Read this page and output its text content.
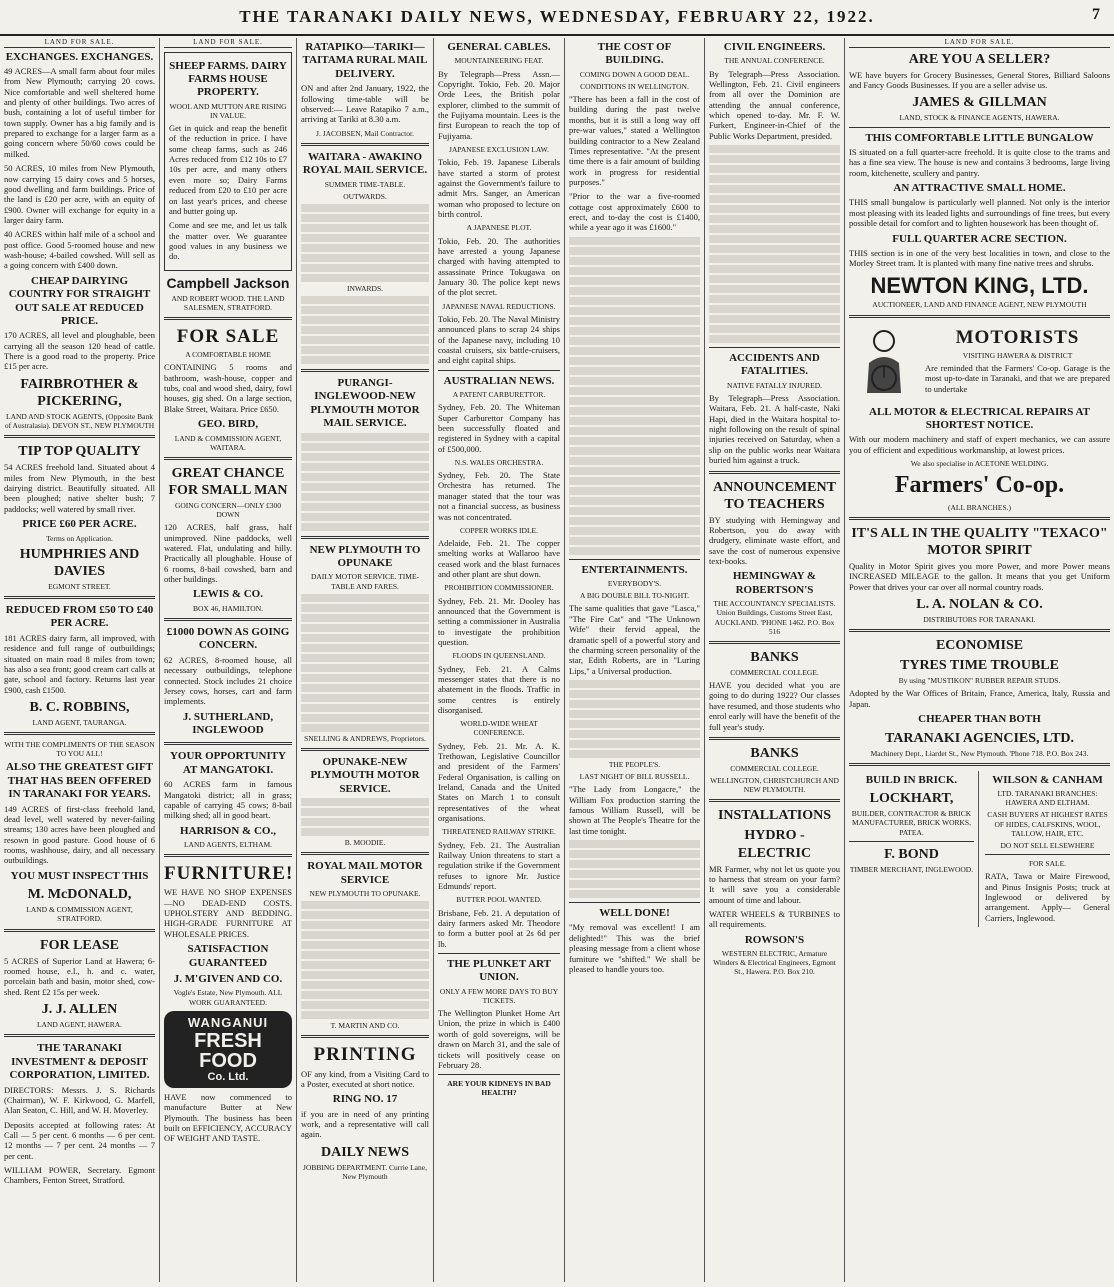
THE TARANAKI DAILY NEWS, WEDNESDAY, FEBRUARY 22, 1922.	7
LAND FOR SALE.
EXCHANGES. EXCHANGES.
49 ACRES—A small farm about four miles from New Plymouth; carrying 20 cows. Nice comfortable and well sheltered home and plenty of other buildings. Two acres of bush, containing a lot of useful timber for town supply. Owner has a big family and is prepared to exchange for a larger farm as a going concern where 50/60 cows could be milked.
50 ACRES, 10 miles from New Plymouth, now carrying 15 dairy cows and 5 horses, good dwelling and farm buildings. Price of the land is £20 per acre, with an equity of £900. Owner will exchange for equity in a larger dairy farm.
40 ACRES within half mile of a school and post office. Good 5-roomed house and new wash-house; 4-bailed cowshed. Will sell as a going concern with £400 down.
CHEAP DAIRYING COUNTRY FOR STRAIGHT OUT SALE AT REDUCED PRICE.
170 ACRES, all level and ploughable, been carrying all the season 120 head of cattle. There is a good road to the property. Price £15 per acre.
FAIRBROTHER & PICKERING,
LAND AND STOCK AGENTS, (Opposite Bank of Australasia). DEVON ST., NEW PLYMOUTH
TIP TOP QUALITY
54 ACRES freehold land. Situated about 4 miles from New Plymouth, in the best dairying district. Beautifully situated. All been ploughed; native shelter bush; 7 paddocks; well watered by small river.
PRICE £60 PER ACRE.
Terms on Application.
HUMPHRIES AND DAVIES
EGMONT STREET.
REDUCED FROM £50 TO £40 PER ACRE.
181 ACRES dairy farm, all improved, with residence and full range of outbuildings; situated on main road 8 miles from town; has also a sea front; good cream cart calls at gate, school and factory. Returns last year £900, cash £1500.
B. C. ROBBINS,
LAND AGENT, TAURANGA.
WITH THE COMPLIMENTS OF THE SEASON TO YOU ALL!
ALSO THE GREATEST GIFT THAT HAS BEEN OFFERED IN TARANAKI FOR YEARS.
149 ACRES of first-class freehold land, dead level, well watered by never-failing streams; 130 acres have been ploughed and resown in good pasture. Good house of 6 rooms, washhouse, dairy, and all necessary outbuildings.
YOU MUST INSPECT THIS
M. McDONALD,
LAND & COMMISSION AGENT, STRATFORD.
FOR LEASE
5 ACRES of Superior Land at Hawera; 6-roomed house, e.l., h. and c. water, porcelain bath and basin, motor shed, cow-shed. Rent £2 15s per week.
J. J. ALLEN
LAND AGENT, HAWERA.
THE TARANAKI INVESTMENT & DEPOSIT CORPORATION, LIMITED.
DIRECTORS: Messrs. J. S. Richards (Chairman), W. F. Kirkwood, G. Marfell, Alan Seaton, C. Hill, and W. H. Moverley.
Deposits accepted at following rates: At Call — 5 per cent. 6 months — 6 per cent. 12 months — 7 per cent. 24 months — 7 per cent.
WILLIAM POWER, Secretary. Egmont Chambers, Fenton Street, Stratford.
LAND FOR SALE.
SHEEP FARMS. DAIRY FARMS HOUSE PROPERTY.
WOOL AND MUTTON ARE RISING IN VALUE.
Get in quick and reap the benefit of the reduction in price. I have some cheap farms, such as 246 Acres reduced from £12 10s to £7 10s per acre, and many others even more so; Dairy Farms reduced from £20 to £10 per acre on last year's prices, and cheese and butter going up.
Come and see me, and let us talk the matter over. We guarantee good values in any business we do.
Campbell Jackson
AND ROBERT WOOD. THE LAND SALESMEN, STRATFORD.
FOR SALE
A COMFORTABLE HOME
CONTAINING 5 rooms and bathroom, wash-house, copper and tubs, coal and wood shed, dairy, fowl houses, gig shed. On a large section, Blake Street, Waitara. Price £650.
GEO. BIRD,
LAND & COMMISSION AGENT, WAITARA.
GREAT CHANCE FOR SMALL MAN
GOING CONCERN—ONLY £300 DOWN
120 ACRES, half grass, half unimproved. Nine paddocks, well watered. Flat, undulating and hilly. Practically all ploughable. House of 6 rooms, 8-bail cowshed, barn and other buildings.
LEWIS & CO.
BOX 46, HAMILTON.
£1000 DOWN AS GOING CONCERN.
62 ACRES, 8-roomed house, all necessary outbuildings, telephone connected. Stock includes 21 choice Jersey cows, horses, cart and farm implements.
J. SUTHERLAND, INGLEWOOD
YOUR OPPORTUNITY AT MANGATOKI.
60 ACRES farm in famous Mangatoki district; all in grass; capable of carrying 45 cows; 8-bail milking shed; all in good heart.
HARRISON & CO.,
LAND AGENTS, ELTHAM.
FURNITURE!
WE HAVE NO SHOP EXPENSES—NO DEAD-END COSTS. UPHOLSTERY AND BEDDING. HIGH-GRADE FURNITURE AT WHOLESALE PRICES.
SATISFACTION GUARANTEED
J. M'GIVEN AND CO.
Vogle's Estate, New Plymouth. ALL WORK GUARANTEED.
WANGANUI
FRESH FOOD
Co. Ltd.
HAVE now commenced to manufacture Butter at New Plymouth. The business has been built on EFFICIENCY, ACCURACY OF WEIGHT AND TASTE.
RATAPIKO—TARIKI—TAITAMA RURAL MAIL DELIVERY.
ON and after 2nd January, 1922, the following time-table will be observed:— Leave Ratapiko 7 a.m., arriving at Tariki at 8.30 a.m.
J. JACOBSEN, Mail Contractor.
WAITARA - AWAKINO ROYAL MAIL SERVICE.
SUMMER TIME-TABLE.
OUTWARDS.
INWARDS.
PURANGI-INGLEWOOD-NEW PLYMOUTH MOTOR MAIL SERVICE.
NEW PLYMOUTH TO OPUNAKE
DAILY MOTOR SERVICE. TIME-TABLE AND FARES.
SNELLING & ANDREWS, Proprietors.
OPUNAKE-NEW PLYMOUTH MOTOR SERVICE.
B. MOODIE.
ROYAL MAIL MOTOR SERVICE
NEW PLYMOUTH TO OPUNAKE.
T. MARTIN AND CO.
PRINTING
OF any kind, from a Visiting Card to a Poster, executed at short notice.
RING NO. 17
if you are in need of any printing work, and a representative will call again.
DAILY NEWS
JOBBING DEPARTMENT. Currie Lane, New Plymouth
GENERAL CABLES.
MOUNTAINEERING FEAT.
By Telegraph—Press Assn.—Copyright. Tokio, Feb. 20. Major Orde Lees, the British polar explorer, climbed to the summit of the Fujiyama mountain. Lees is the first European to reach the top of Fujiyama.
JAPANESE EXCLUSION LAW.
Tokio, Feb. 19. Japanese Liberals have started a storm of protest against the Government's failure to admit Mrs. Sanger, an American woman who proposed to lecture on birth control.
A JAPANESE PLOT.
Tokio, Feb. 20. The authorities have arrested a young Japanese charged with having attempted to assassinate Prince Tokugawa on January 30. The police kept news of the plot secret.
JAPANESE NAVAL REDUCTIONS.
Tokio, Feb. 20. The Naval Ministry announced plans to scrap 24 ships of the Japanese navy, including 10 coastal cruisers, six battle-cruisers, and eight capital ships.
AUSTRALIAN NEWS.
A PATENT CARBURETTOR.
Sydney, Feb. 20. The Whiteman Super Carburettor Company has been successfully floated and registered in Sydney with a capital of £500,000.
N.S. WALES ORCHESTRA.
Sydney, Feb. 20. The State Orchestra has returned. The manager stated that the tour was not a financial success, as business was not concentrated.
COPPER WORKS IDLE.
Adelaide, Feb. 21. The copper smelting works at Wallaroo have ceased work and the blast furnaces and other plant are shut down.
PROHIBITION COMMISSIONER.
Sydney, Feb. 21. Mr. Dooley has announced that the Government is setting a commissioner in Australia to investigate the prohibition question.
FLOODS IN QUEENSLAND.
Sydney, Feb. 21. A Calms messenger states that there is no abatement in the floods. Traffic in some centres is entirely disorganised.
WORLD-WIDE WHEAT CONFERENCE.
Sydney, Feb. 21. Mr. A. K. Trethowan, Legislative Councillor and president of the Farmers' Federal Organisation, is calling on Ireland, Canada and the United States on March 1 to consult representatives of the wheat organisations.
THREATENED RAILWAY STRIKE.
Sydney, Feb. 21. The Australian Railway Union threatens to start a regulation strike if the Government refuses to ignore Mr. Justice Edmunds' report.
BUTTER POOL WANTED.
Brisbane, Feb. 21. A deputation of dairy farmers asked Mr. Theodore to form a butter pool at 2s 6d per lb.
THE PLUNKET ART UNION.
ONLY A FEW MORE DAYS TO BUY TICKETS.
The Wellington Plunket Home Art Union, the prize in which is £400 worth of gold sovereigns, will be drawn on March 31, and the sale of tickets will positively cease on February 28.
ARE YOUR KIDNEYS IN BAD HEALTH?
THE COST OF BUILDING.
COMING DOWN A GOOD DEAL.
CONDITIONS IN WELLINGTON.
"There has been a fall in the cost of building during the past twelve months, but it is still a long way off pre-war values," stated a Wellington building contractor to a New Zealand Times representative. "At the present time there is a fair amount of building work in progress for residential purposes."
"Prior to the war a five-roomed cottage cost approximately £600 to erect, and to-day the cost is £1400, while a year ago it was £1600."
ENTERTAINMENTS.
EVERYBODY'S.
A BIG DOUBLE BILL TO-NIGHT.
The same qualities that gave "Lasca," "The Fire Cat" and "The Unknown Wife" their fervid appeal, the dramatic spell of a powerful story and the charming screen personality of the star, Edith Roberts, are in "Luring Lips," a Universal production.
THE PEOPLE'S.
LAST NIGHT OF BILL RUSSELL.
"The Lady from Longacre," the William Fox production starring the famous William Russell, will be shown at The People's Theatre for the last time tonight.
WELL DONE!
"My removal was excellent! I am delighted!" This was the brief pleasing message from a client whose furniture we "shifted." We shall be pleased to handle yours too.
CIVIL ENGINEERS.
THE ANNUAL CONFERENCE.
By Telegraph—Press Association. Wellington, Feb. 21. Civil engineers from all over the Dominion are attending the annual conference, which opened to-day. Mr. F. W. Furkert, Engineer-in-Chief of the Public Works Department, presided.
ACCIDENTS AND FATALITIES.
NATIVE FATALLY INJURED.
By Telegraph—Press Association. Waitara, Feb. 21. A half-caste, Naki Hapi, died in the Waitara hospital to-night following on the result of spinal injuries received on Saturday, when a slip on the public works near Waitara buried him against a truck.
ANNOUNCEMENT TO TEACHERS
BY studying with Hemingway and Robertson, you do away with drudgery, eliminate waste effort, and save the cost of numerous expensive text-books.
HEMINGWAY & ROBERTSON'S
THE ACCOUNTANCY SPECIALISTS. Union Buildings, Customs Street East, AUCKLAND. 'PHONE 1462. P.O. Box 516
BANKS
COMMERCIAL COLLEGE.
HAVE you decided what you are going to do during 1922? Our classes have resumed, and those students who enrol early will have the benefit of the full year's study.
BANKS
COMMERCIAL COLLEGE.
WELLINGTON, CHRISTCHURCH AND NEW PLYMOUTH.
INSTALLATIONS
HYDRO - ELECTRIC
MR Farmer, why not let us quote you to harness that stream on your farm? It will save you a considerable amount of time and labour.
WATER WHEELS & TURBINES to all requirements.
ROWSON'S
WESTERN ELECTRIC, Armature Winders & Electrical Engineers, Egmont St., Hawera. P.O. Box 210.
LAND FOR SALE.
ARE YOU A SELLER?
WE have buyers for Grocery Businesses, General Stores, Billiard Saloons and Fancy Goods Businesses. If you are a seller advise us.
JAMES & GILLMAN
LAND, STOCK & FINANCE AGENTS, HAWERA.
THIS COMFORTABLE LITTLE BUNGALOW
IS situated on a full quarter-acre freehold. It is quite close to the trams and has a fine sea view. The house is new and contains 3 bedrooms, large living room, kitchenette, scullery and pantry.
AN ATTRACTIVE SMALL HOME.
THIS small bungalow is particularly well planned. Not only is the interior most pleasing with its leaded lights and surroundings of fine trees, but every possible detail for comfort and to lighten housework has been thought of.
FULL QUARTER ACRE SECTION.
THIS section is in one of the very best localities in town, and close to the Morley Street tram. It is planted with many fine native trees and shrubs.
NEWTON KING, LTD.
AUCTIONEER, LAND AND FINANCE AGENT, NEW PLYMOUTH
MOTORISTS
VISITING HAWERA & DISTRICT
Are reminded that the Farmers' Co-op. Garage is the most up-to-date in Taranaki, and that we are prepared to undertake
ALL MOTOR & ELECTRICAL REPAIRS AT SHORTEST NOTICE.
With our modern machinery and staff of expert mechanics, we can assure you of efficient and expeditious workmanship, at lowest prices.
We also specialise in ACETONE WELDING.
Farmers' Co-op.
(ALL BRANCHES.)
IT'S ALL IN THE QUALITY "TEXACO" MOTOR SPIRIT
Quality in Motor Spirit gives you more Power, and more Power means INCREASED MILEAGE to the gallon. It means that you get Uniform Power that drives your car over all normal country roads.
L. A. NOLAN & CO.
DISTRIBUTORS FOR TARANAKI.
ECONOMISE
TYRES TIME TROUBLE
By using "MUSTIKON" RUBBER REPAIR STUDS.
Adopted by the War Offices of Britain, France, America, Italy, Russia and Japan.
CHEAPER THAN BOTH
TARANAKI AGENCIES, LTD.
Machinery Dept., Liardet St., New Plymouth. 'Phone 718. P.O. Box 243.
BUILD IN BRICK.
LOCKHART,
BUILDER, CONTRACTOR & BRICK MANUFACTURER, BRICK WORKS, PATEA.
F. BOND
TIMBER MERCHANT, INGLEWOOD.
WILSON & CANHAM
LTD. TARANAKI BRANCHES: HAWERA AND ELTHAM.
CASH BUYERS AT HIGHEST RATES OF HIDES, CALFSKINS, WOOL, TALLOW, HAIR, ETC.
DO NOT SELL ELSEWHERE
FOR SALE.
RATA, Tawa or Maire Firewood, and Pinus Insignis Posts; truck at Inglewood or delivered by arrangement. Apply— General Carriers, Inglewood.
